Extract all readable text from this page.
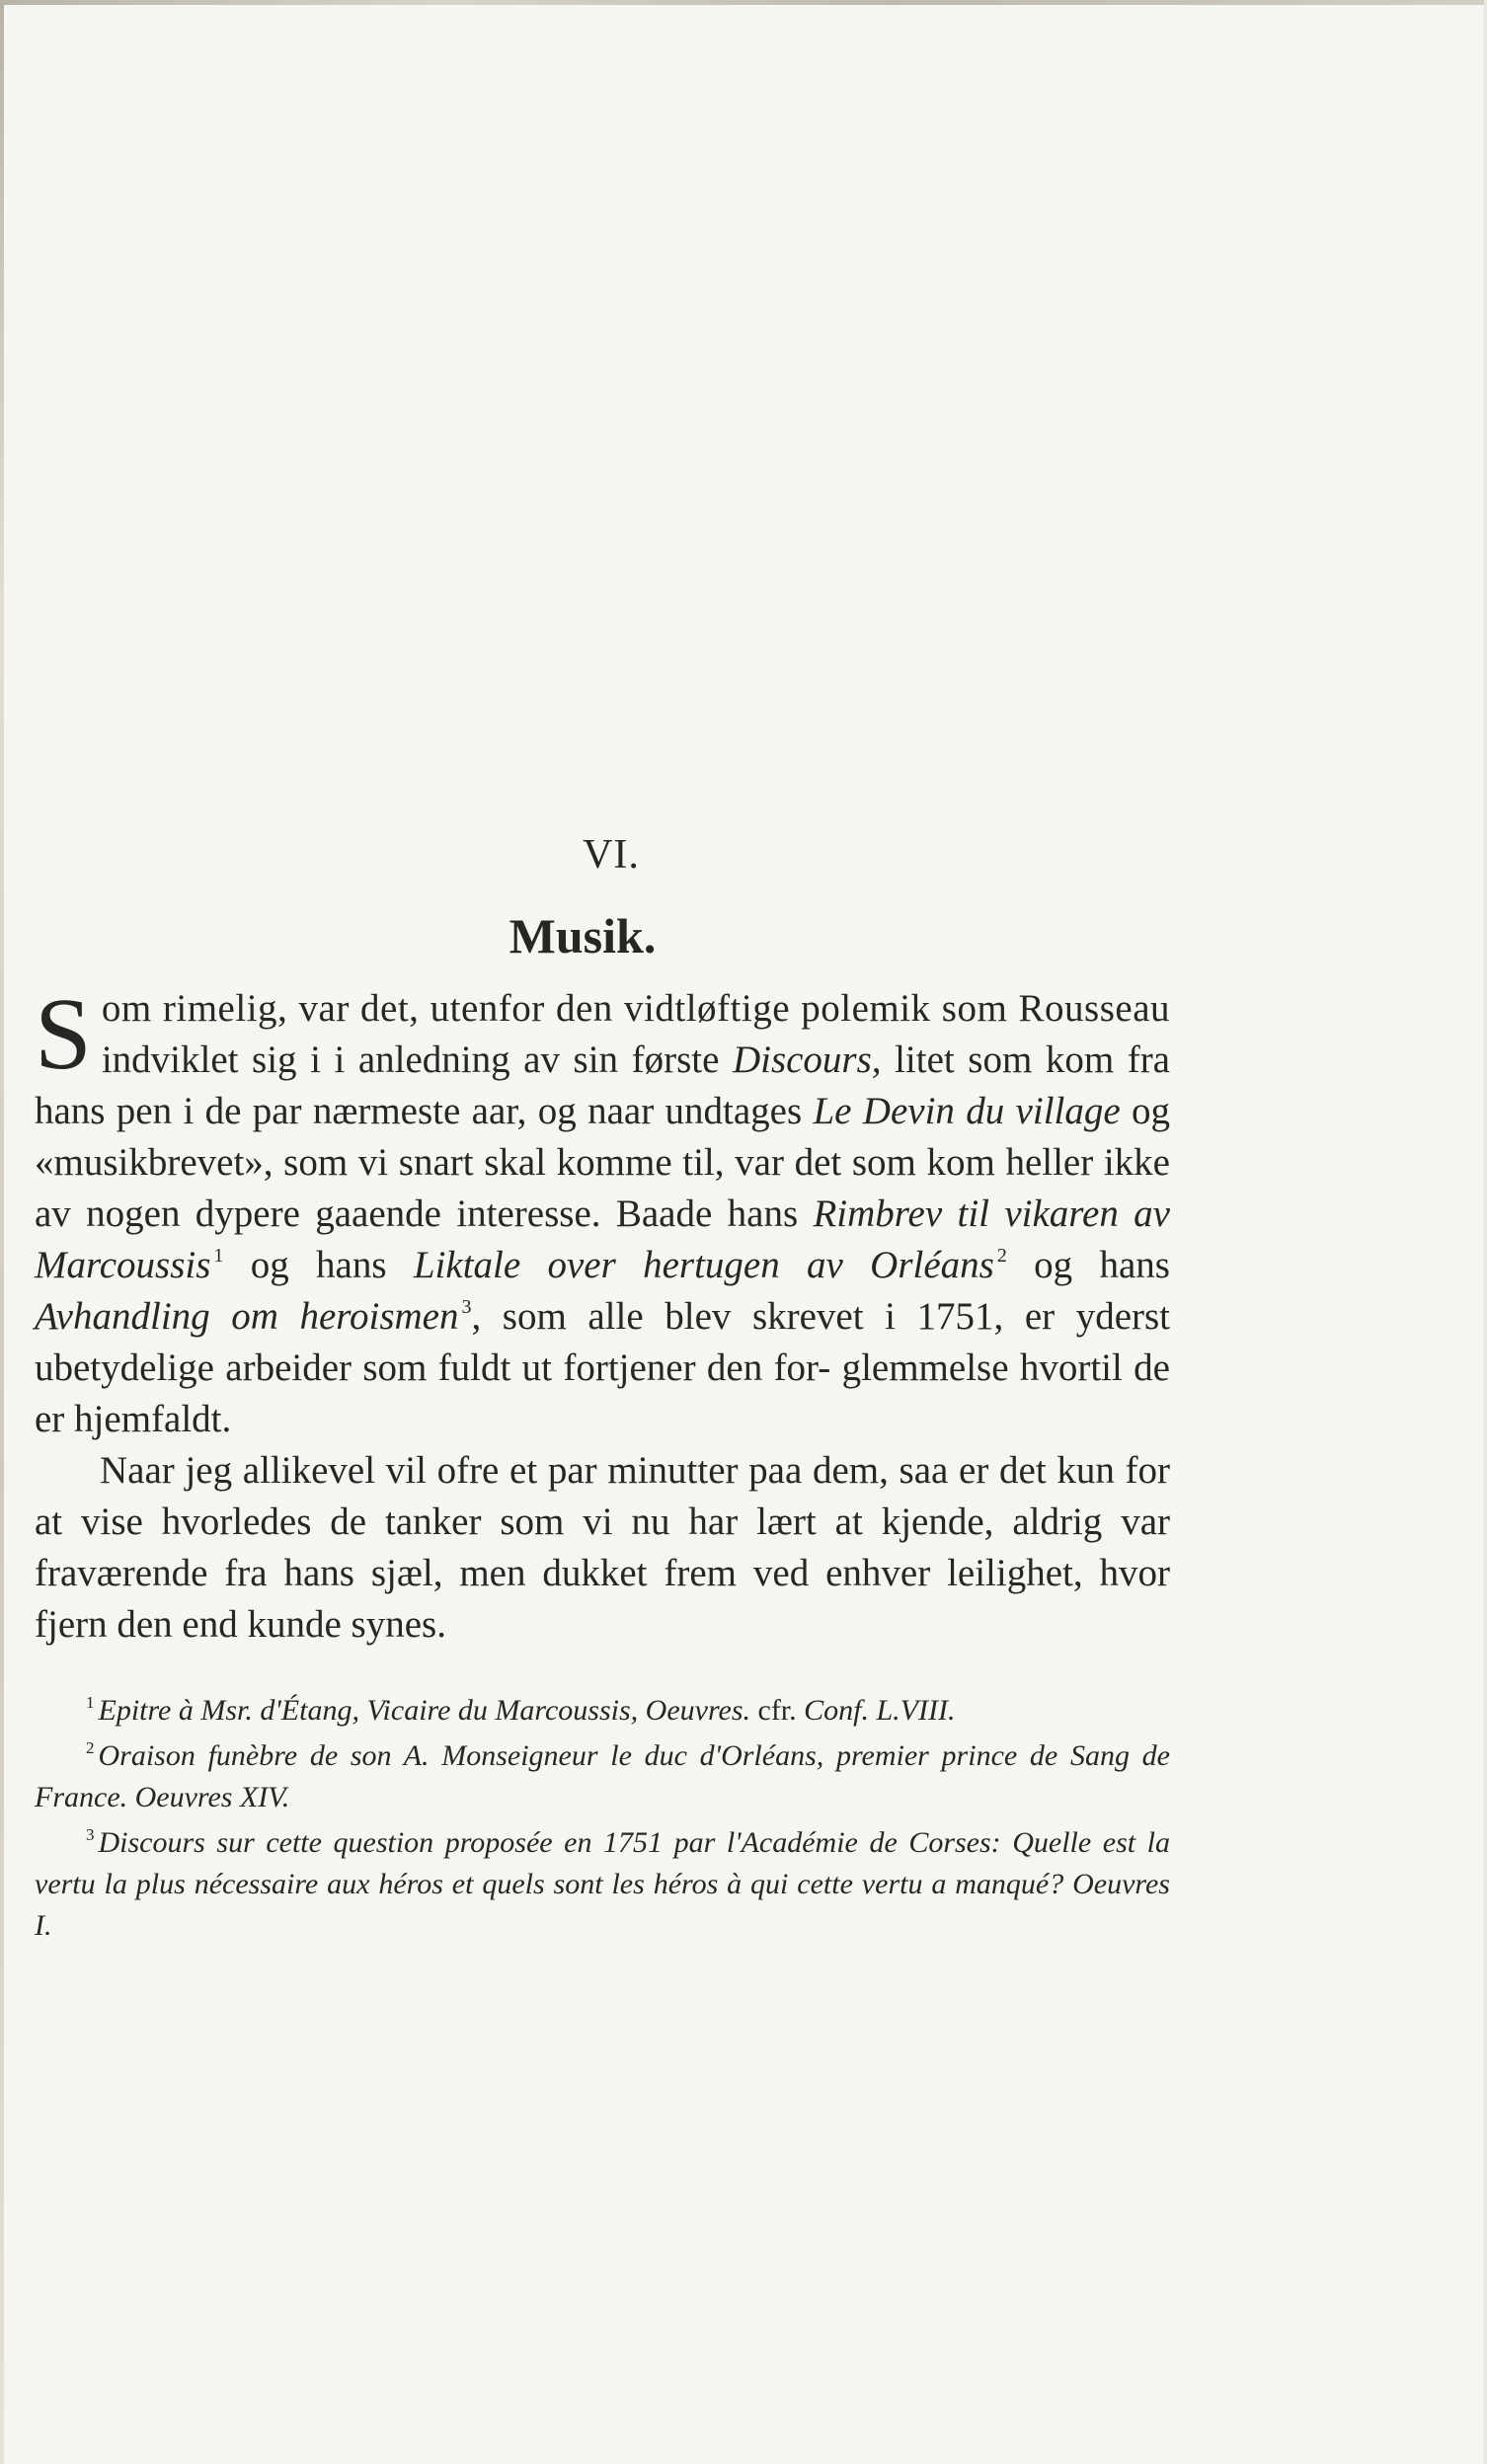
VI.
Musik.

Som rimelig, var det, utenfor den vidtløftige polemik som Rousseau indviklet sig i i anledning av sin første Discours, litet som kom fra hans pen i de par nærmeste aar, og naar undtages Le Devin du village og «musikbrevet», som vi snart skal komme til, var det som kom heller ikke av nogen dypere gaaende interesse. Baade hans Rimbrev til vikaren av Marcoussis $^1$ og hans Liktale over hertugen av Orléans $^2$ og hans Avhandling om heroismen $^3$, som alle blev skrevet i 1751, er yderst ubetydelige arbeider som fuldt ut fortjener den for- glemmelse hvortil de er hjemfaldt.

Naar jeg allikevel vil ofre et par minutter paa dem, saa er det kun for at vise hvorledes de tanker som vi nu har lært at kjende, aldrig var fraværende fra hans sjæl, men dukket frem ved enhver leilighet, hvor fjern den end kunde synes.

$^1$ Epitre à Msr. d'Étang, Vicaire du Marcoussis, Oeuvres. cfr. Conf. L.VIII.

$^2$ Oraison funèbre de son A. Monseigneur le duc d'Orléans, premier prince de Sang de France. Oeuvres XIV.

$^3$ Discours sur cette question proposée en 1751 par l'Académie de Corses: Quelle est la vertu la plus nécessaire aux héros et quels sont les héros à qui cette vertu a manqué? Oeuvres I.
